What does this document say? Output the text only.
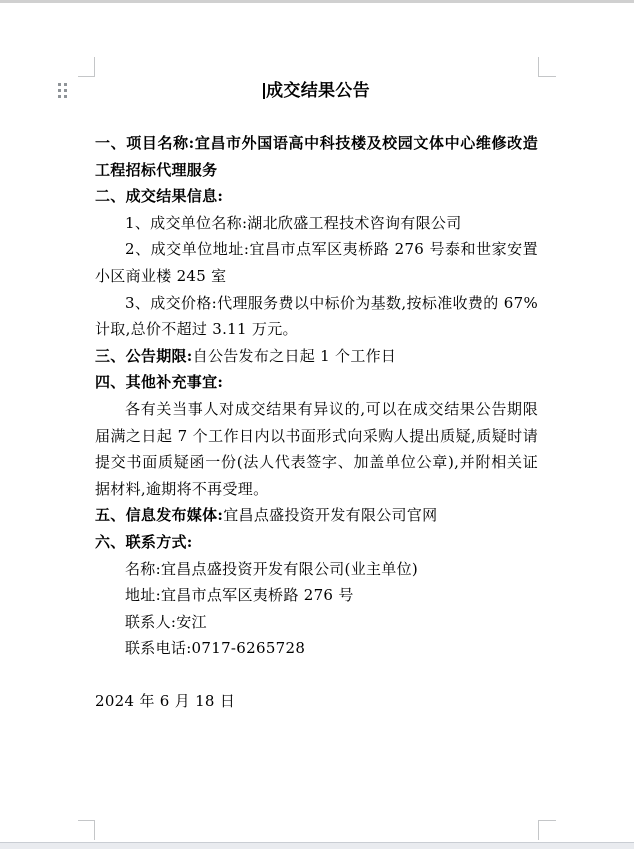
成交结果公告

一、项目名称:宜昌市外国语高中科技楼及校园文体中心维修改造工程招标代理服务

二、成交结果信息:

1、成交单位名称:湖北欣盛工程技术咨询有限公司

2、成交单位地址:宜昌市点军区夷桥路 276 号泰和世家安置小区商业楼 245 室

3、成交价格:代理服务费以中标价为基数,按标准收费的 67%计取,总价不超过 3.11 万元。

三、公告期限:自公告发布之日起 1 个工作日

四、其他补充事宜:

各有关当事人对成交结果有异议的,可以在成交结果公告期限届满之日起 7 个工作日内以书面形式向采购人提出质疑,质疑时请提交书面质疑函一份(法人代表签字、加盖单位公章),并附相关证据材料,逾期将不再受理。

五、信息发布媒体:宜昌点盛投资开发有限公司官网

六、联系方式:

名称:宜昌点盛投资开发有限公司(业主单位)

地址:宜昌市点军区夷桥路 276 号

联系人:安江

联系电话:0717-6265728

2024 年 6 月 18 日
